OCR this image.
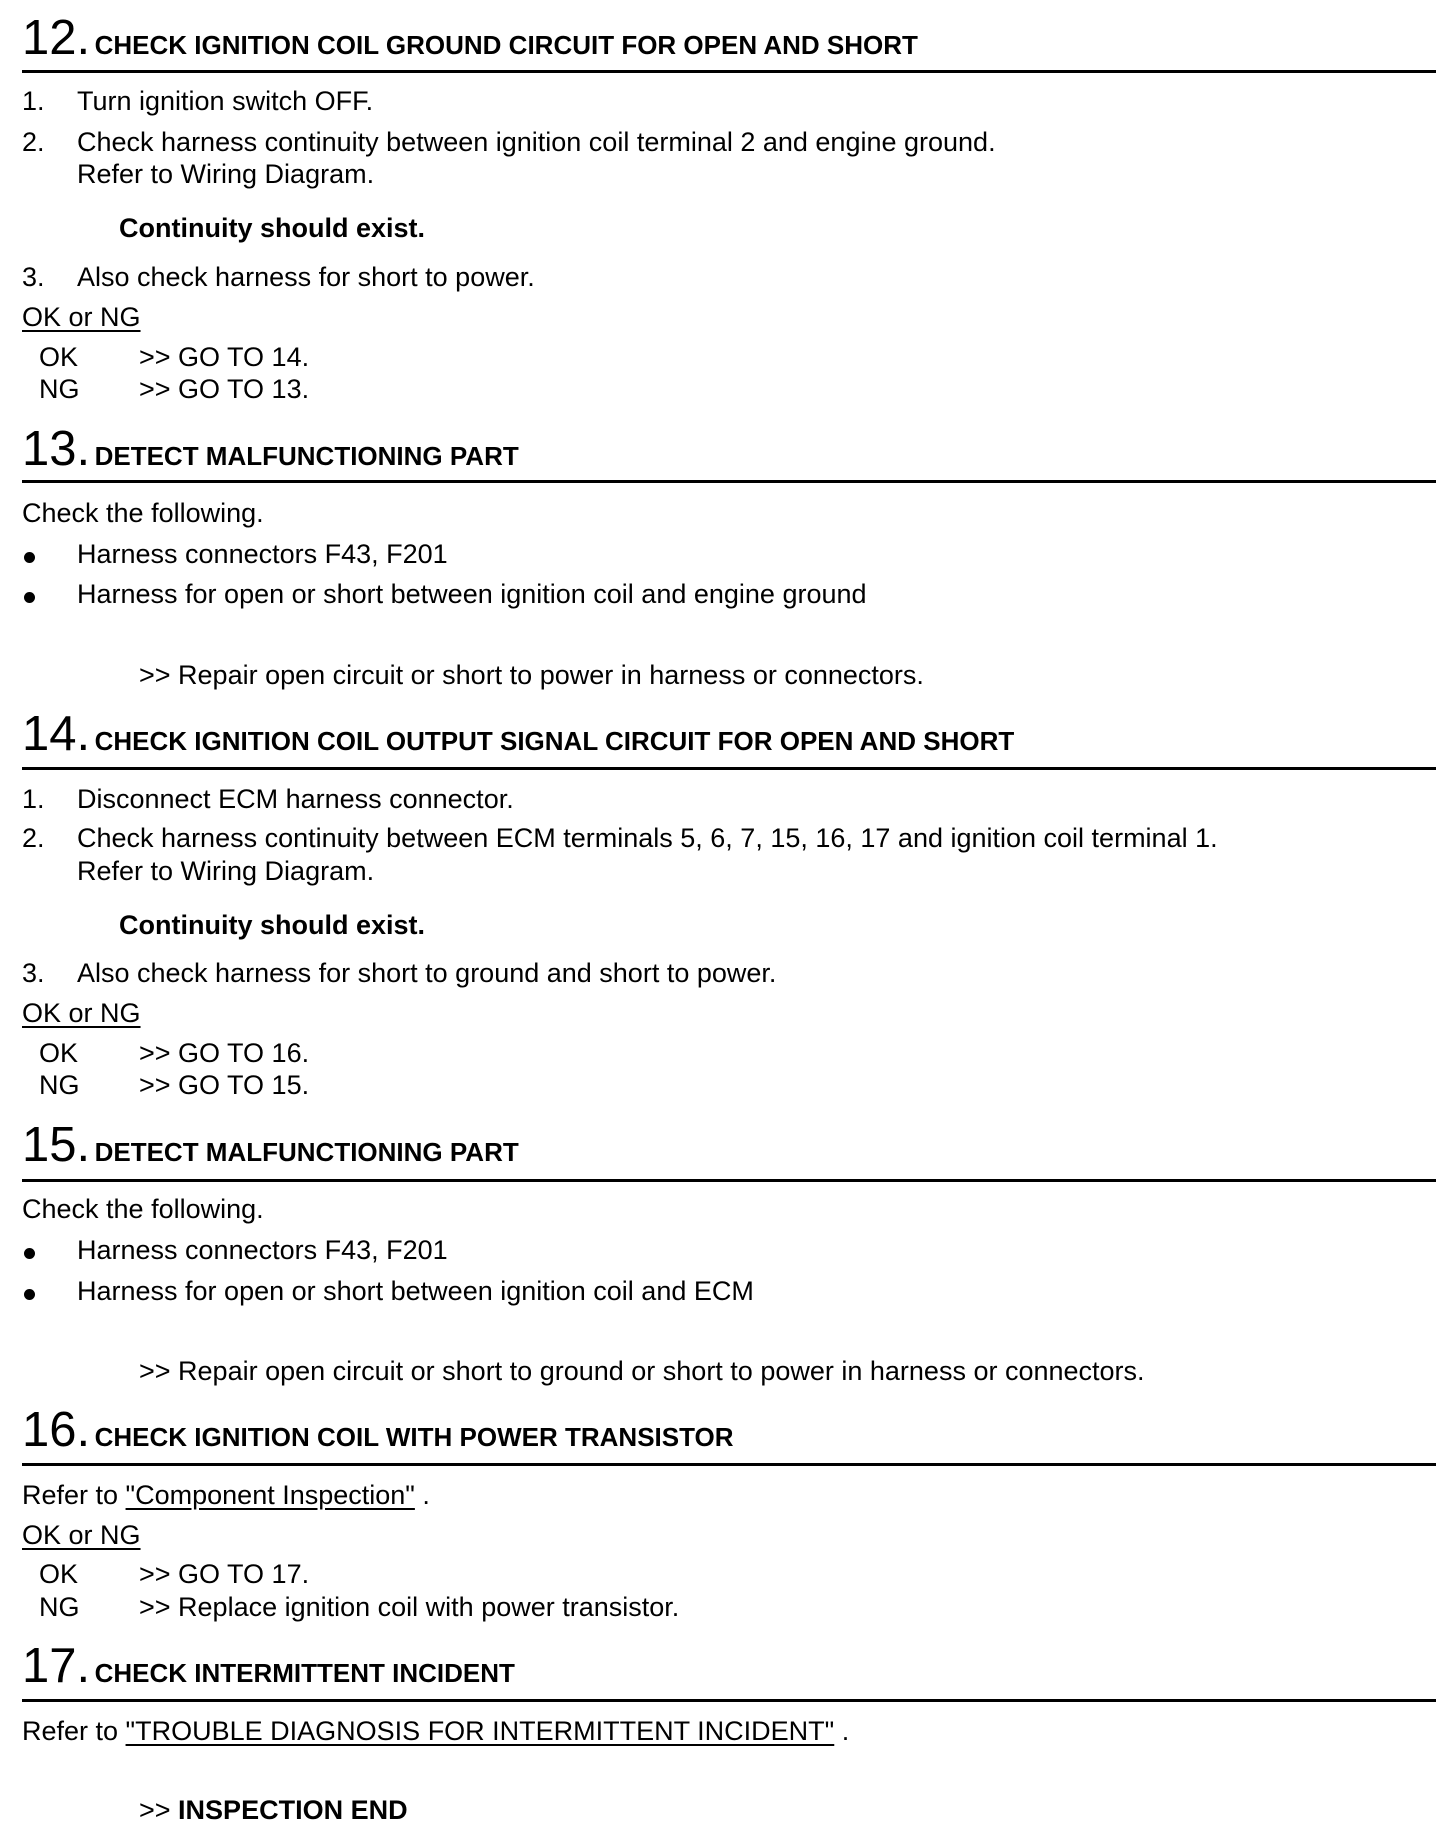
12. CHECK IGNITION COIL GROUND CIRCUIT FOR OPEN AND SHORT
1. Turn ignition switch OFF.
2. Check harness continuity between ignition coil terminal 2 and engine ground.
Refer to Wiring Diagram.
Continuity should exist.
3. Also check harness for short to power.
OK or NG
OK >> GO TO 14.
NG >> GO TO 13.
13. DETECT MALFUNCTIONING PART
Check the following.
Harness connectors F43, F201
Harness for open or short between ignition coil and engine ground
>> Repair open circuit or short to power in harness or connectors.
14. CHECK IGNITION COIL OUTPUT SIGNAL CIRCUIT FOR OPEN AND SHORT
1. Disconnect ECM harness connector.
2. Check harness continuity between ECM terminals 5, 6, 7, 15, 16, 17 and ignition coil terminal 1.
Refer to Wiring Diagram.
Continuity should exist.
3. Also check harness for short to ground and short to power.
OK or NG
OK >> GO TO 16.
NG >> GO TO 15.
15. DETECT MALFUNCTIONING PART
Check the following.
Harness connectors F43, F201
Harness for open or short between ignition coil and ECM
>> Repair open circuit or short to ground or short to power in harness or connectors.
16. CHECK IGNITION COIL WITH POWER TRANSISTOR
Refer to "Component Inspection" .
OK or NG
OK >> GO TO 17.
NG >> Replace ignition coil with power transistor.
17. CHECK INTERMITTENT INCIDENT
Refer to "TROUBLE DIAGNOSIS FOR INTERMITTENT INCIDENT" .
>> INSPECTION END
